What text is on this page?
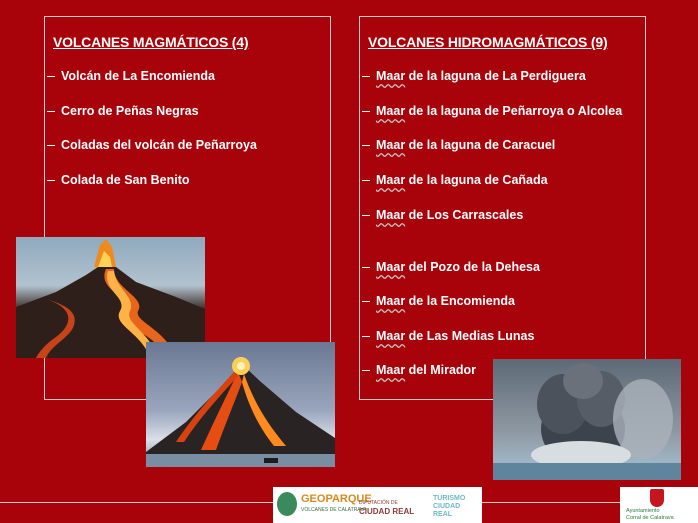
VOLCANES MAGMÁTICOS (4)
Volcán de La Encomienda
Cerro de Peñas Negras
Coladas del volcán de Peñarroya
Colada de San Benito
VOLCANES HIDROMAGMÁTICOS (9)
Maar de la laguna de La Perdiguera
Maar de la laguna de Peñarroya o Alcolea
Maar de la laguna de Caracuel
Maar de la laguna de Cañada
Maar de Los Carrascales
Maar del Pozo de la Dehesa
Maar de la Encomienda
Maar de Las Medias Lunas
Maar del Mirador
GEOPARQUE
VOLCANES DE CALATRAVA
DIPUTACIÓN DE
CIUDAD REAL
TURISMO CIUDAD REAL	Ayuntamiento
Corral de Calatrava
